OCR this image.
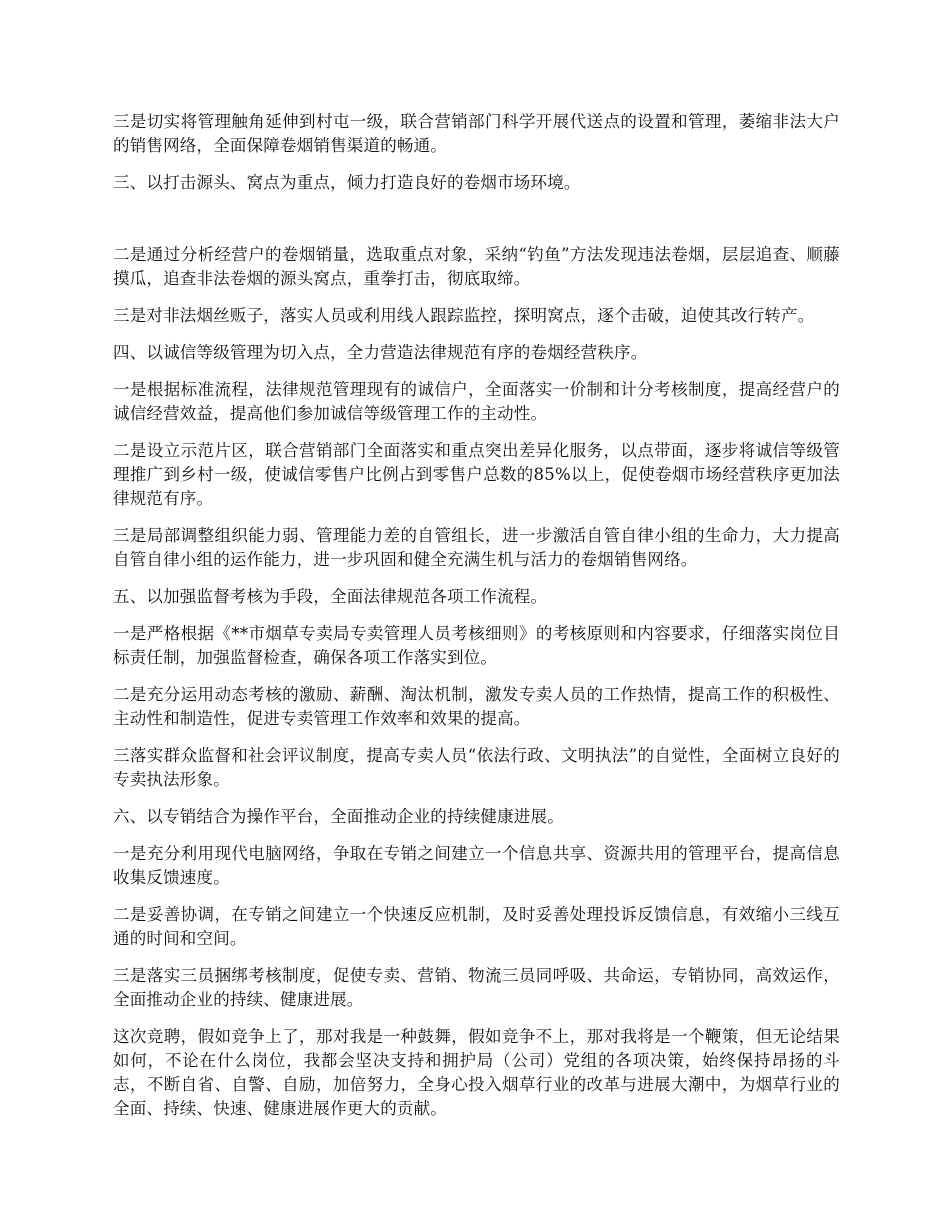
三是切实将管理触角延伸到村屯一级，联合营销部门科学开展代送点的设置和管理，萎缩非法大户的销售网络，全面保障卷烟销售渠道的畅通。

三、以打击源头、窝点为重点，倾力打造良好的卷烟市场环境。

二是通过分析经营户的卷烟销量，选取重点对象，采纳“钓鱼”方法发现违法卷烟，层层追查、顺藤摸瓜，追查非法卷烟的源头窝点，重拳打击，彻底取缔。

三是对非法烟丝贩子，落实人员或利用线人跟踪监控，探明窝点，逐个击破，迫使其改行转产。

四、以诚信等级管理为切入点，全力营造法律规范有序的卷烟经营秩序。

一是根据标准流程，法律规范管理现有的诚信户，全面落实一价制和计分考核制度，提高经营户的诚信经营效益，提高他们参加诚信等级管理工作的主动性。

二是设立示范片区，联合营销部门全面落实和重点突出差异化服务，以点带面，逐步将诚信等级管理推广到乡村一级，使诚信零售户比例占到零售户总数的85%以上，促使卷烟市场经营秩序更加法律规范有序。

三是局部调整组织能力弱、管理能力差的自管组长，进一步激活自管自律小组的生命力，大力提高自管自律小组的运作能力，进一步巩固和健全充满生机与活力的卷烟销售网络。

五、以加强监督考核为手段，全面法律规范各项工作流程。

一是严格根据《**市烟草专卖局专卖管理人员考核细则》的考核原则和内容要求，仔细落实岗位目标责任制，加强监督检查，确保各项工作落实到位。

二是充分运用动态考核的激励、薪酬、淘汰机制，激发专卖人员的工作热情，提高工作的积极性、主动性和制造性，促进专卖管理工作效率和效果的提高。

三落实群众监督和社会评议制度，提高专卖人员“依法行政、文明执法”的自觉性，全面树立良好的专卖执法形象。

六、以专销结合为操作平台，全面推动企业的持续健康进展。

一是充分利用现代电脑网络，争取在专销之间建立一个信息共享、资源共用的管理平台，提高信息收集反馈速度。

二是妥善协调，在专销之间建立一个快速反应机制，及时妥善处理投诉反馈信息，有效缩小三线互通的时间和空间。

三是落实三员捆绑考核制度，促使专卖、营销、物流三员同呼吸、共命运，专销协同，高效运作，全面推动企业的持续、健康进展。

这次竞聘，假如竞争上了，那对我是一种鼓舞，假如竞争不上，那对我将是一个鞭策，但无论结果如何，不论在什么岗位，我都会坚决支持和拥护局（公司）党组的各项决策，始终保持昂扬的斗志，不断自省、自警、自励，加倍努力，全身心投入烟草行业的改革与进展大潮中，为烟草行业的全面、持续、快速、健康进展作更大的贡献。
